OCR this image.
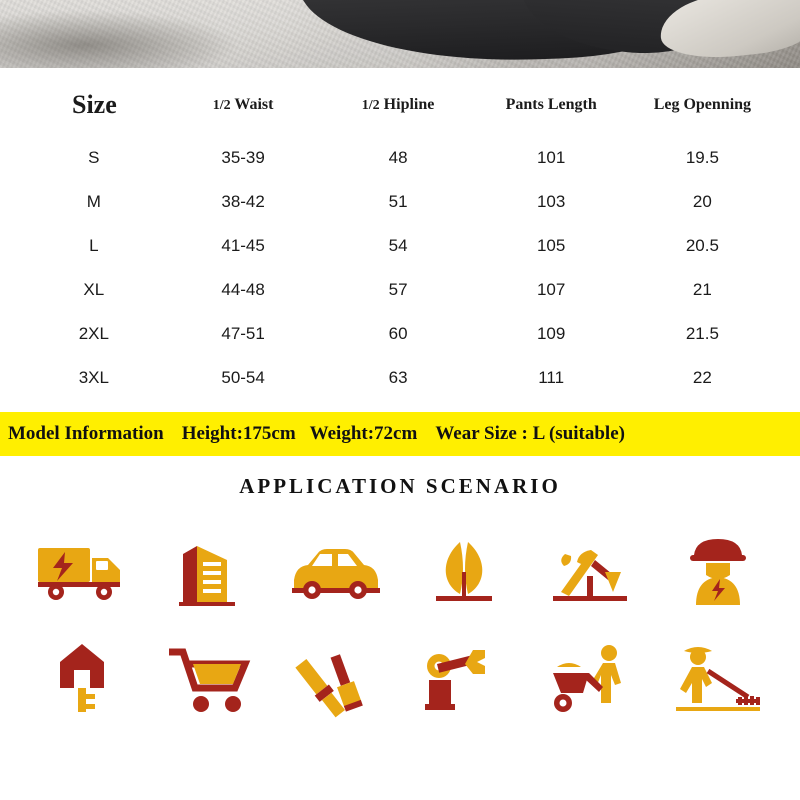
Size	1/2 Waist	1/2 Hipline	Pants Length	Leg Openning
S	35-39	48	101	19.5
M	38-42	51	103	20
L	41-45	54	105	20.5
XL	44-48	57	107	21
2XL	47-51	60	109	21.5
3XL	50-54	63	111	22
Model Information Height:175cm Weight:72cm Wear Size : L (suitable)
APPLICATION SCENARIO
